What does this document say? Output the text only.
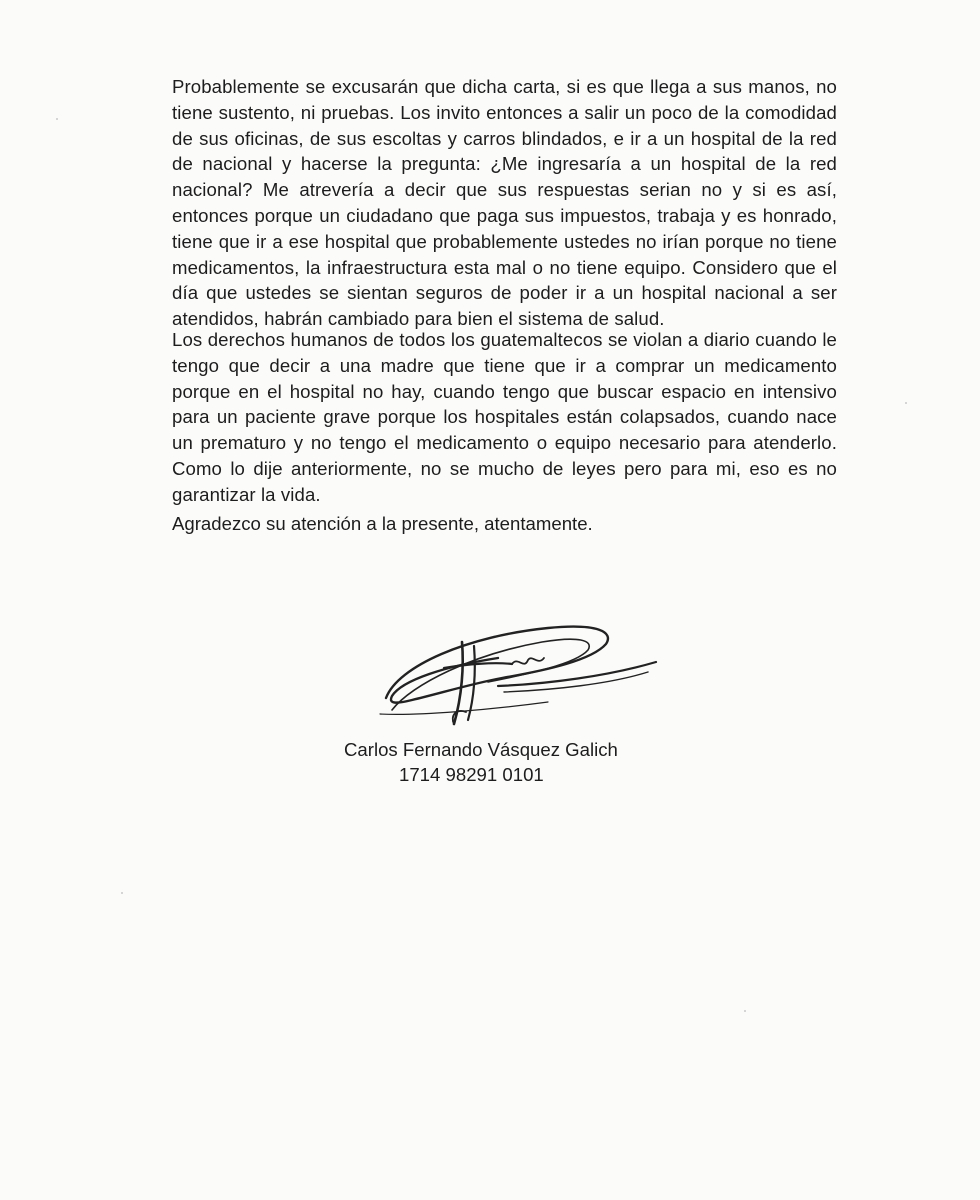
Probablemente se excusarán que dicha carta, si es que llega a sus manos, no tiene sustento, ni pruebas. Los invito entonces a salir un poco de la comodidad de sus oficinas, de sus escoltas y carros blindados, e ir a un hospital de la red de nacional y hacerse la pregunta: ¿Me ingresaría a un hospital de la red nacional? Me atrevería a decir que sus respuestas serian no y si es así, entonces porque un ciudadano que paga sus impuestos, trabaja y es honrado, tiene que ir a ese hospital que probablemente ustedes no irían porque no tiene medicamentos, la infraestructura esta mal o no tiene equipo. Considero que el día que ustedes se sientan seguros de poder ir a un hospital nacional a ser atendidos, habrán cambiado para bien el sistema de salud.

Los derechos humanos de todos los guatemaltecos se violan a diario cuando le tengo que decir a una madre que tiene que ir a comprar un medicamento porque en el hospital no hay, cuando tengo que buscar espacio en intensivo para un paciente grave porque los hospitales están colapsados, cuando nace un prematuro y no tengo el medicamento o equipo necesario para atenderlo. Como lo dije anteriormente, no se mucho de leyes pero para mi, eso es no garantizar la vida.

Agradezco su atención a la presente, atentamente.

Carlos Fernando Vásquez Galich

1714 98291 0101
